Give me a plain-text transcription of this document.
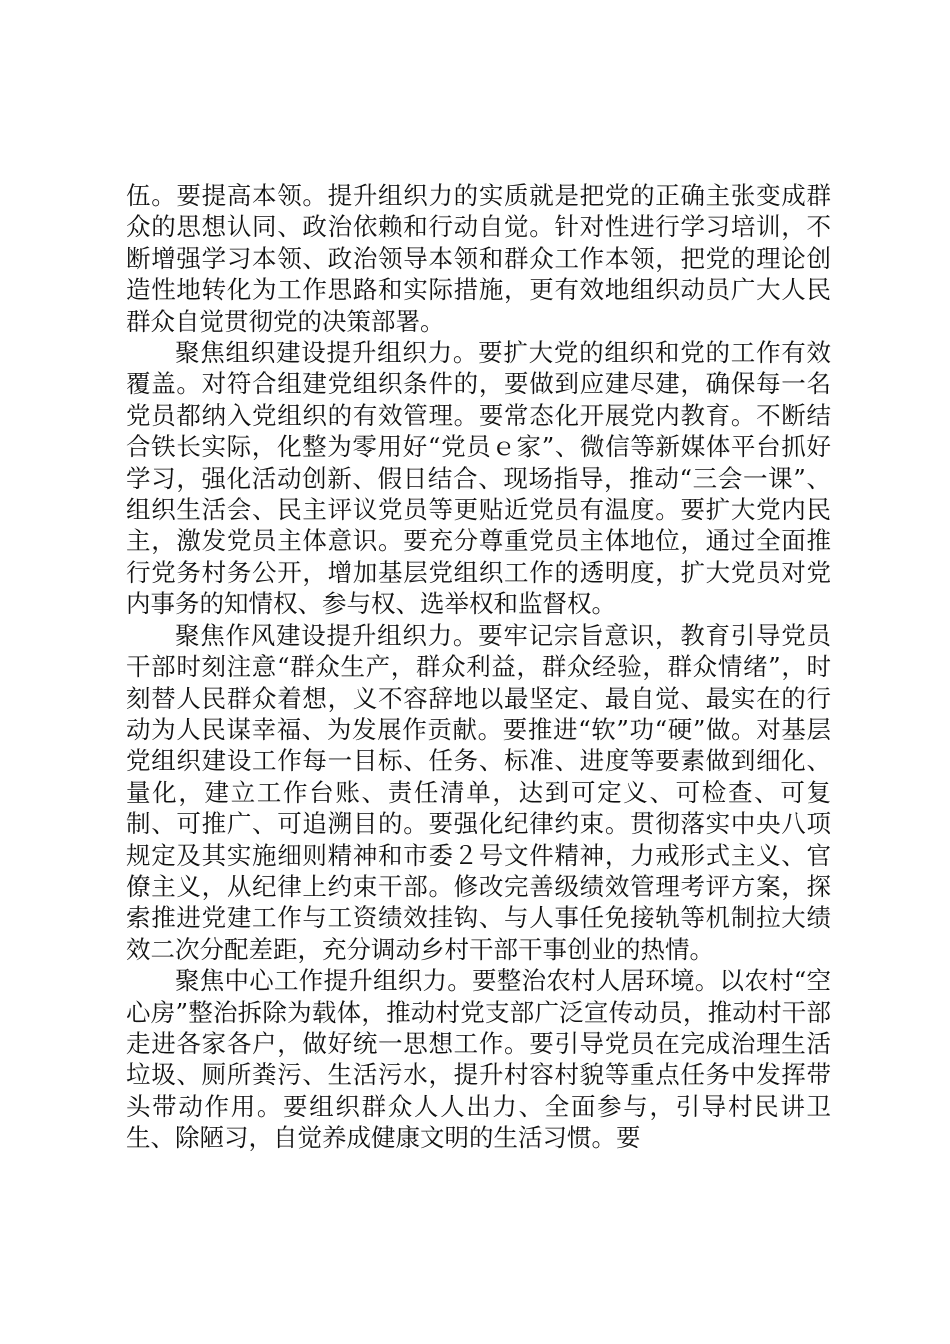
伍。要提高本领。提升组织力的实质就是把党的正确主张变成群众的思想认同、政治依赖和行动自觉。针对性进行学习培训，不断增强学习本领、政治领导本领和群众工作本领，把党的理论创造性地转化为工作思路和实际措施，更有效地组织动员广大人民群众自觉贯彻党的决策部署。

聚焦组织建设提升组织力。要扩大党的组织和党的工作有效覆盖。对符合组建党组织条件的，要做到应建尽建，确保每一名党员都纳入党组织的有效管理。要常态化开展党内教育。不断结合铁长实际，化整为零用好“党员ｅ家”、微信等新媒体平台抓好学习，强化活动创新、假日结合、现场指导，推动“三会一课”、组织生活会、民主评议党员等更贴近党员有温度。要扩大党内民主，激发党员主体意识。要充分尊重党员主体地位，通过全面推行党务村务公开，增加基层党组织工作的透明度，扩大党员对党内事务的知情权、参与权、选举权和监督权。

聚焦作风建设提升组织力。要牢记宗旨意识，教育引导党员干部时刻注意“群众生产，群众利益，群众经验，群众情绪”，时刻替人民群众着想，义不容辞地以最坚定、最自觉、最实在的行动为人民谋幸福、为发展作贡献。要推进“软”功“硬”做。对基层党组织建设工作每一目标、任务、标准、进度等要素做到细化、量化，建立工作台账、责任清单，达到可定义、可检查、可复制、可推广、可追溯目的。要强化纪律约束。贯彻落实中央八项规定及其实施细则精神和市委２号文件精神，力戒形式主义、官僚主义，从纪律上约束干部。修改完善级绩效管理考评方案，探索推进党建工作与工资绩效挂钩、与人事任免接轨等机制拉大绩效二次分配差距，充分调动乡村干部干事创业的热情。

聚焦中心工作提升组织力。要整治农村人居环境。以农村“空心房”整治拆除为载体，推动村党支部广泛宣传动员，推动村干部走进各家各户，做好统一思想工作。要引导党员在完成治理生活垃圾、厕所粪污、生活污水，提升村容村貌等重点任务中发挥带头带动作用。要组织群众人人出力、全面参与，引导村民讲卫生、除陋习，自觉养成健康文明的生活习惯。要
